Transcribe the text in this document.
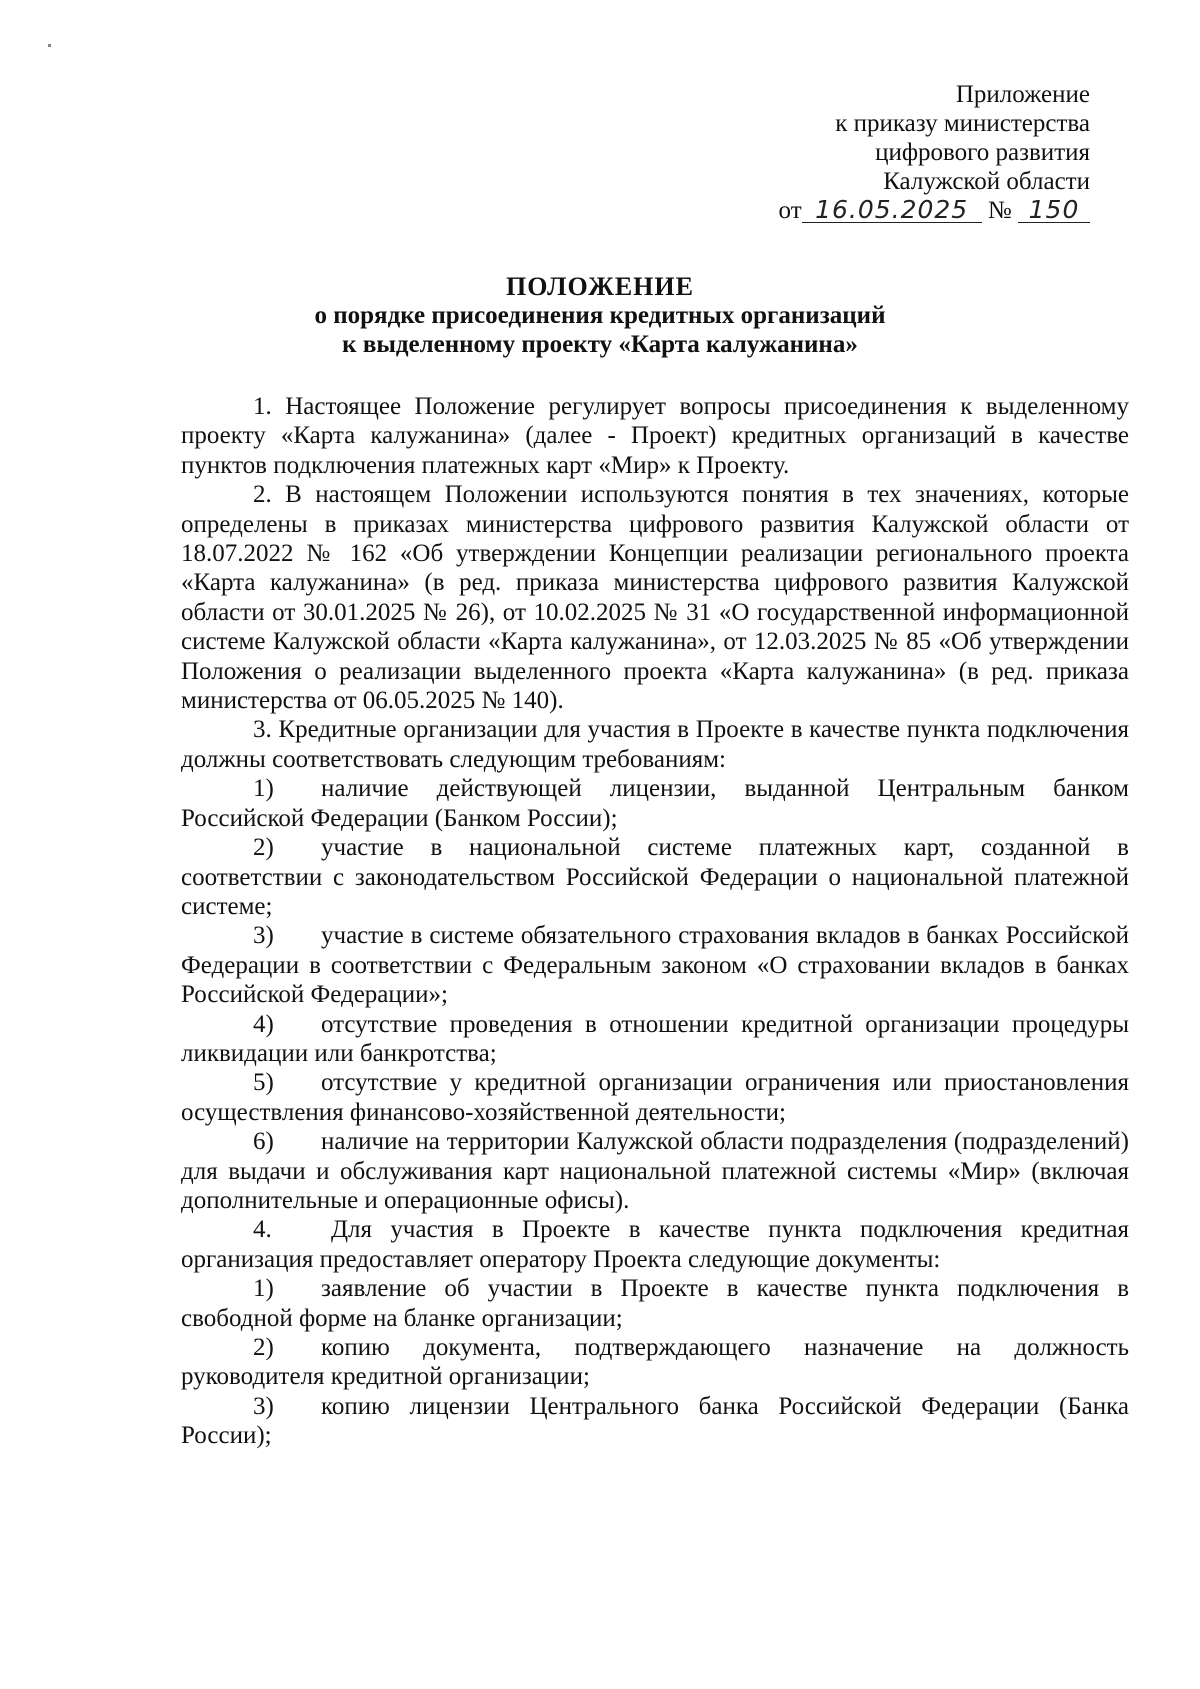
Приложение
к приказу министерства
цифрового развития
Калужской области
от 16.05.2025 № 150
ПОЛОЖЕНИЕ
о порядке присоединения кредитных организаций
к выделенному проекту «Карта калужанина»

1. Настоящее Положение регулирует вопросы присоединения к выделенному проекту «Карта калужанина» (далее - Проект) кредитных организаций в качестве пунктов подключения платежных карт «Мир» к Проекту.

2. В настоящем Положении используются понятия в тех значениях, которые определены в приказах министерства цифрового развития Калужской области от 18.07.2022 № 162 «Об утверждении Концепции реализации регионального проекта «Карта калужанина» (в ред. приказа министерства цифрового развития Калужской области от 30.01.2025 № 26), от 10.02.2025 № 31 «О государственной информационной системе Калужской области «Карта калужанина», от 12.03.2025 № 85 «Об утверждении Положения о реализации выделенного проекта «Карта калужанина» (в ред. приказа министерства от 06.05.2025 № 140).

3. Кредитные организации для участия в Проекте в качестве пункта подключения должны соответствовать следующим требованиям:

1) наличие действующей лицензии, выданной Центральным банком Российской Федерации (Банком России);

2) участие в национальной системе платежных карт, созданной в соответствии с законодательством Российской Федерации о национальной платежной системе;

3) участие в системе обязательного страхования вкладов в банках Российской Федерации в соответствии с Федеральным законом «О страховании вкладов в банках Российской Федерации»;

4) отсутствие проведения в отношении кредитной организации процедуры ликвидации или банкротства;

5) отсутствие у кредитной организации ограничения или приостановления осуществления финансово-хозяйственной деятельности;

6) наличие на территории Калужской области подразделения (подразделений) для выдачи и обслуживания карт национальной платежной системы «Мир» (включая дополнительные и операционные офисы).

4. Для участия в Проекте в качестве пункта подключения кредитная организация предоставляет оператору Проекта следующие документы:

1) заявление об участии в Проекте в качестве пункта подключения в свободной форме на бланке организации;

2) копию документа, подтверждающего назначение на должность руководителя кредитной организации;

3) копию лицензии Центрального банка Российской Федерации (Банка России);
